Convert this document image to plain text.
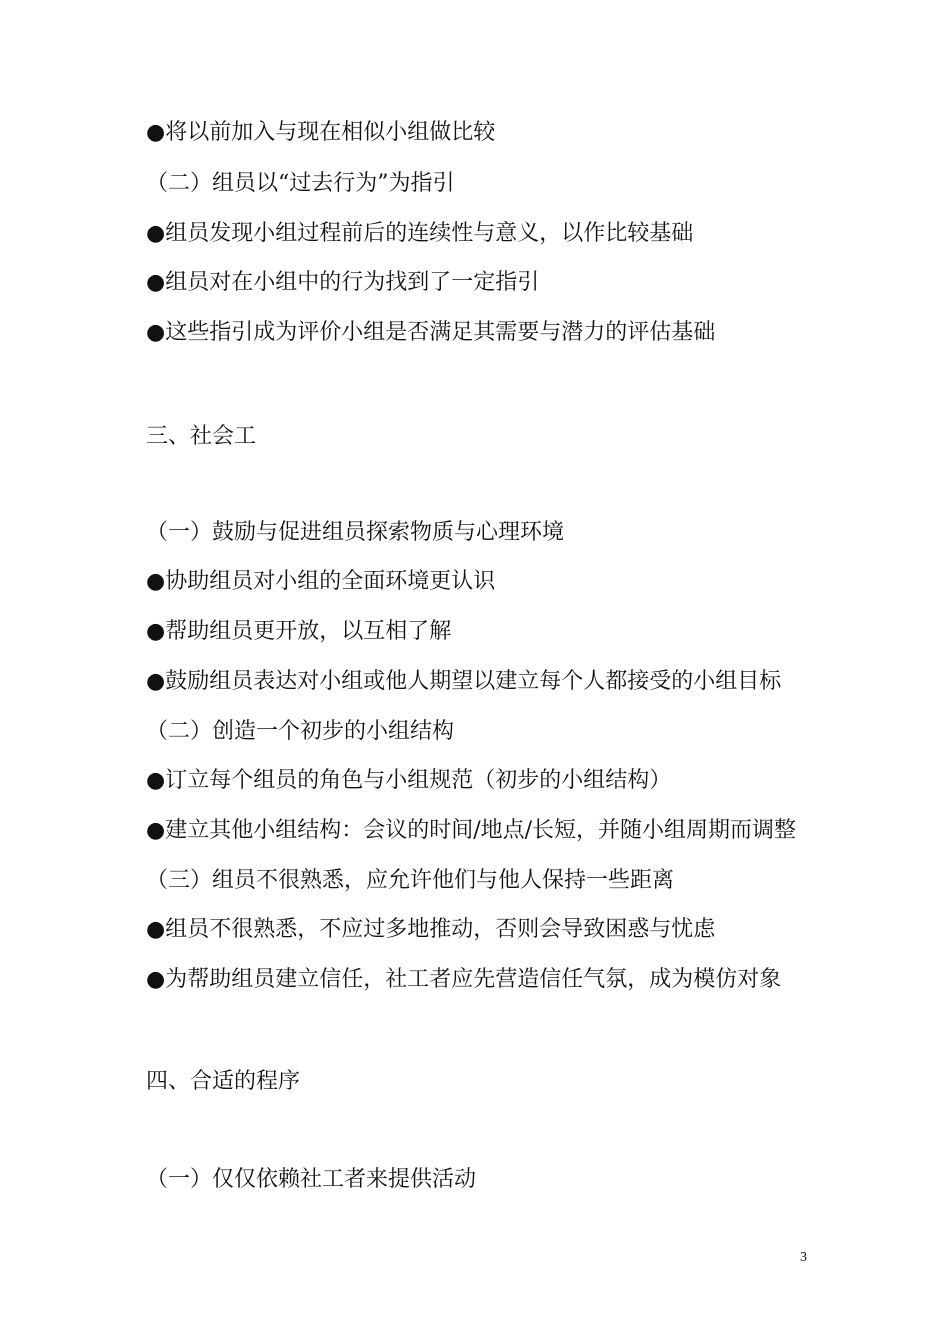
●将以前加入与现在相似小组做比较
（二）组员以“过去行为”为指引
●组员发现小组过程前后的连续性与意义，以作比较基础
●组员对在小组中的行为找到了一定指引
●这些指引成为评价小组是否满足其需要与潜力的评估基础
三、社会工
（一）鼓励与促进组员探索物质与心理环境
●协助组员对小组的全面环境更认识
●帮助组员更开放，以互相了解
●鼓励组员表达对小组或他人期望以建立每个人都接受的小组目标
（二）创造一个初步的小组结构
●订立每个组员的角色与小组规范（初步的小组结构）
●建立其他小组结构：会议的时间/地点/长短，并随小组周期而调整
（三）组员不很熟悉，应允许他们与他人保持一些距离
●组员不很熟悉，不应过多地推动，否则会导致困惑与忧虑
●为帮助组员建立信任，社工者应先营造信任气氛，成为模仿对象
四、合适的程序
（一）仅仅依赖社工者来提供活动
3
